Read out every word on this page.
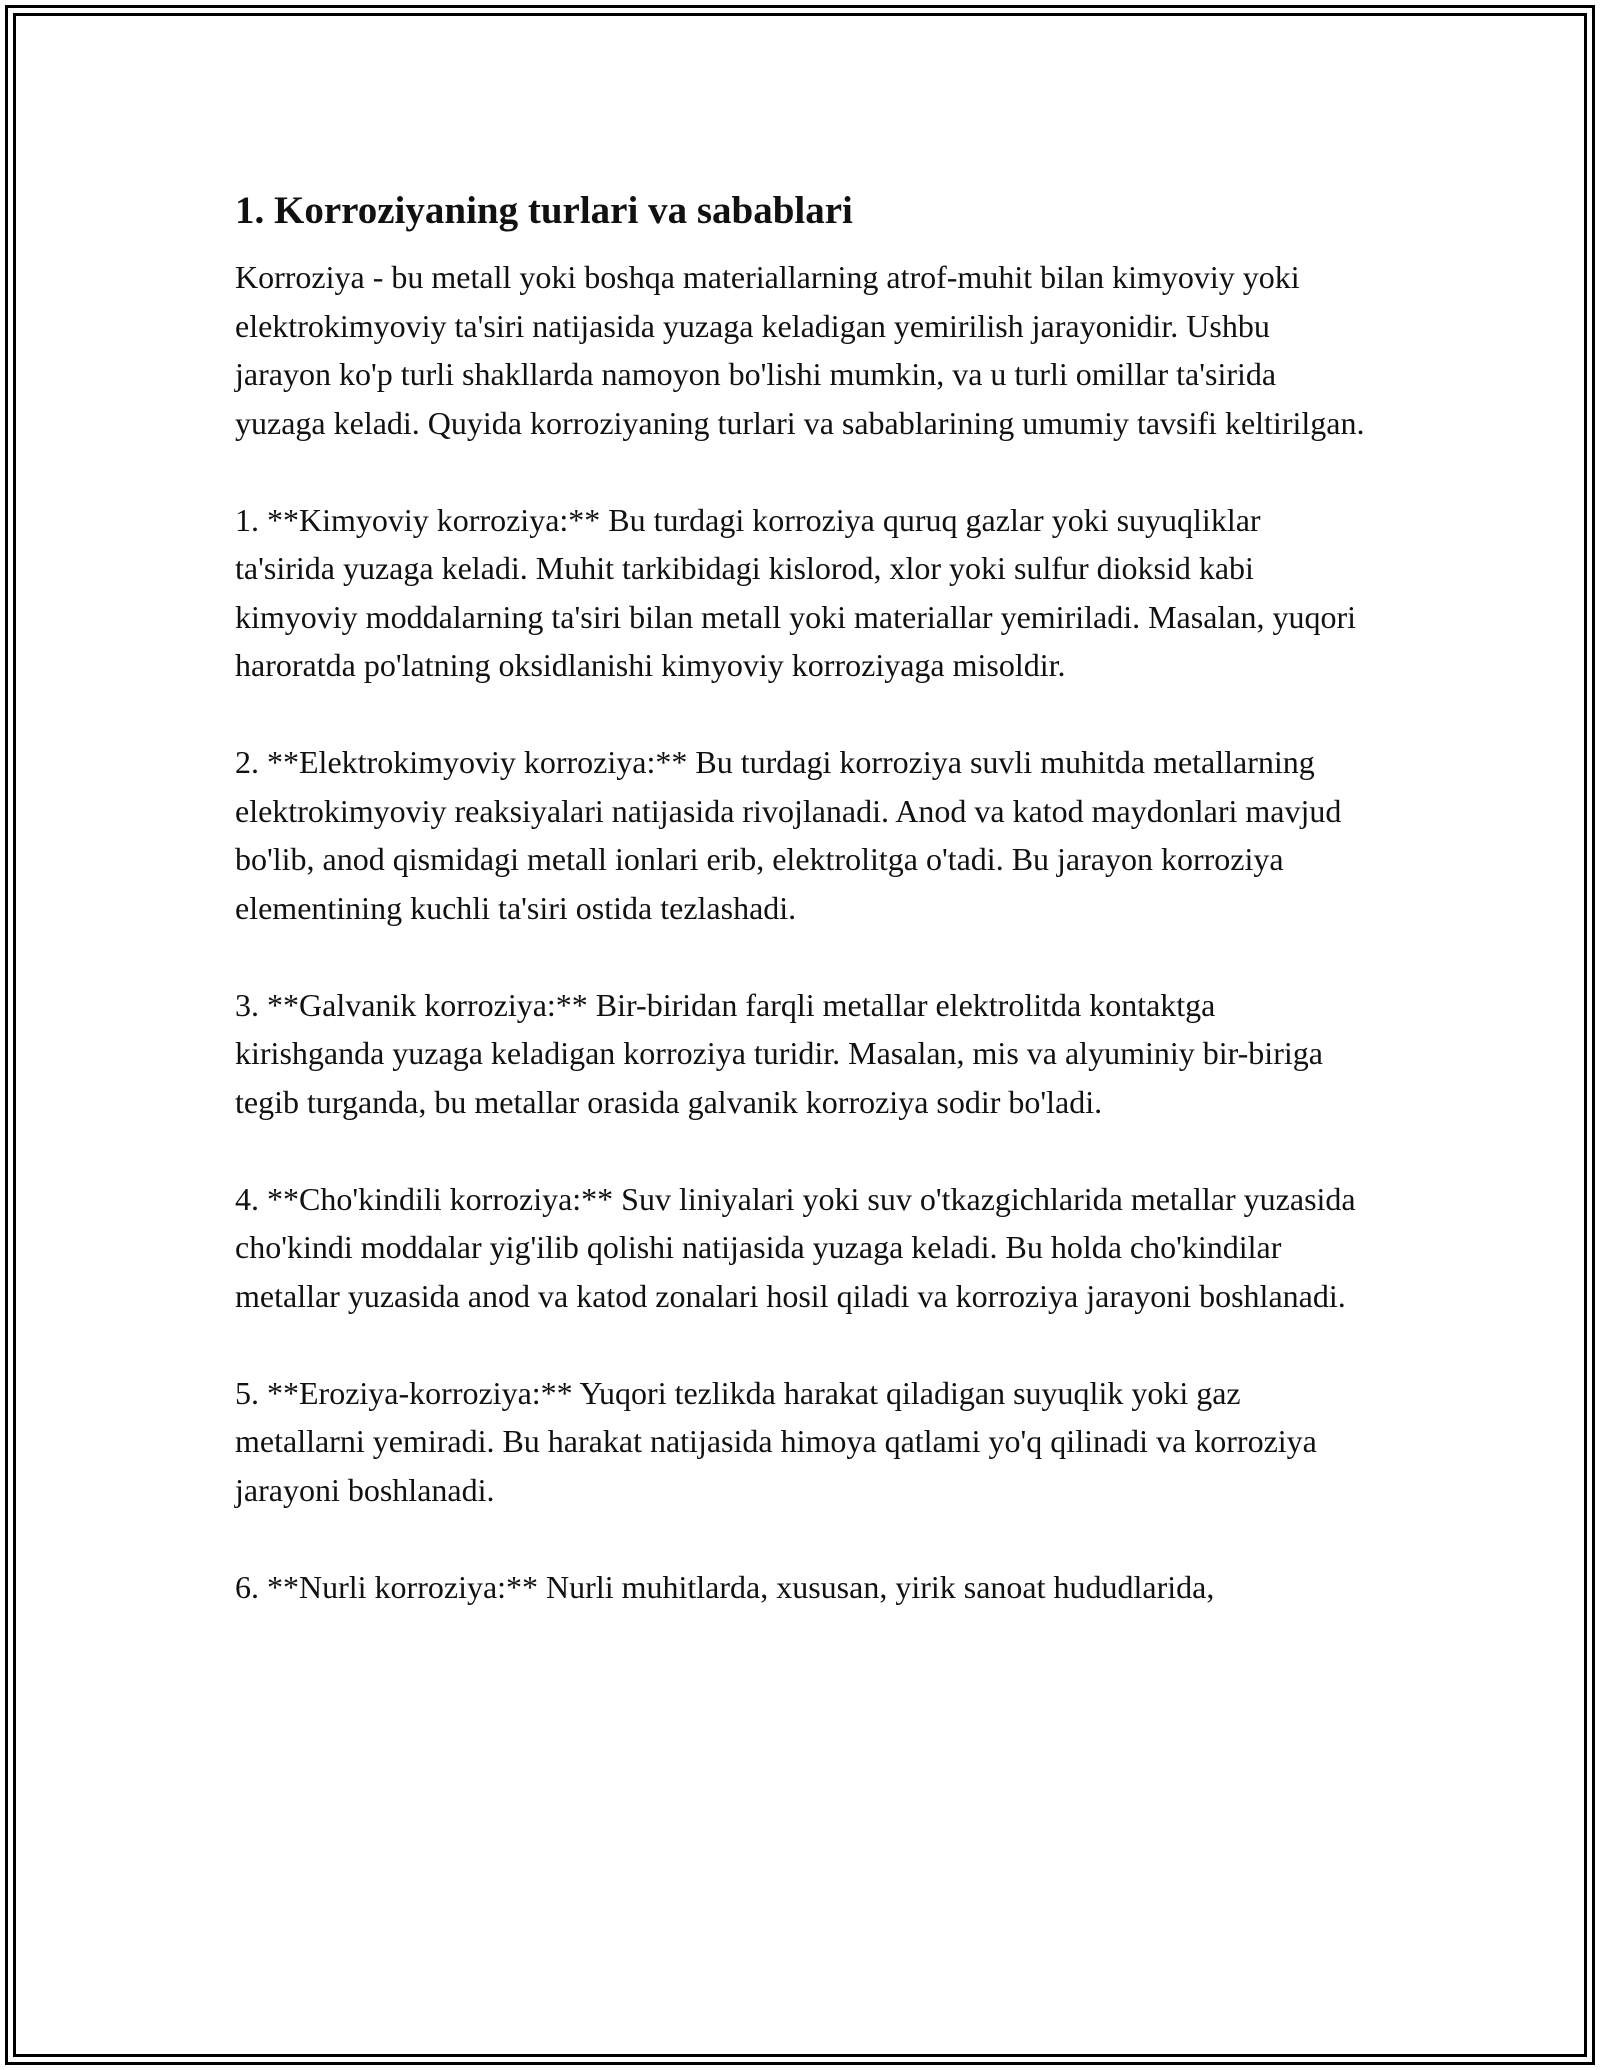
1. Korroziyaning turlari va sabablari

Korroziya - bu metall yoki boshqa materiallarning atrof-muhit bilan kimyoviy yoki elektrokimyoviy ta'siri natijasida yuzaga keladigan yemirilish jarayonidir. Ushbu jarayon ko'p turli shakllarda namoyon bo'lishi mumkin, va u turli omillar ta'sirida yuzaga keladi. Quyida korroziyaning turlari va sabablarining umumiy tavsifi keltirilgan.

1. **Kimyoviy korroziya:** Bu turdagi korroziya quruq gazlar yoki suyuqliklar ta'sirida yuzaga keladi. Muhit tarkibidagi kislorod, xlor yoki sulfur dioksid kabi kimyoviy moddalarning ta'siri bilan metall yoki materiallar yemiriladi. Masalan, yuqori haroratda po'latning oksidlanishi kimyoviy korroziyaga misoldir.

2. **Elektrokimyoviy korroziya:** Bu turdagi korroziya suvli muhitda metallarning elektrokimyoviy reaksiyalari natijasida rivojlanadi. Anod va katod maydonlari mavjud bo'lib, anod qismidagi metall ionlari erib, elektrolitga o'tadi. Bu jarayon korroziya elementining kuchli ta'siri ostida tezlashadi.

3. **Galvanik korroziya:** Bir-biridan farqli metallar elektrolitda kontaktga kirishganda yuzaga keladigan korroziya turidir. Masalan, mis va alyuminiy bir-biriga tegib turganda, bu metallar orasida galvanik korroziya sodir bo'ladi.

4. **Cho'kindili korroziya:** Suv liniyalari yoki suv o'tkazgichlarida metallar yuzasida cho'kindi moddalar yig'ilib qolishi natijasida yuzaga keladi. Bu holda cho'kindilar metallar yuzasida anod va katod zonalari hosil qiladi va korroziya jarayoni boshlanadi.

5. **Eroziya-korroziya:** Yuqori tezlikda harakat qiladigan suyuqlik yoki gaz metallarni yemiradi. Bu harakat natijasida himoya qatlami yo'q qilinadi va korroziya jarayoni boshlanadi.

6. **Nurli korroziya:** Nurli muhitlarda, xususan, yirik sanoat hududlarida,
